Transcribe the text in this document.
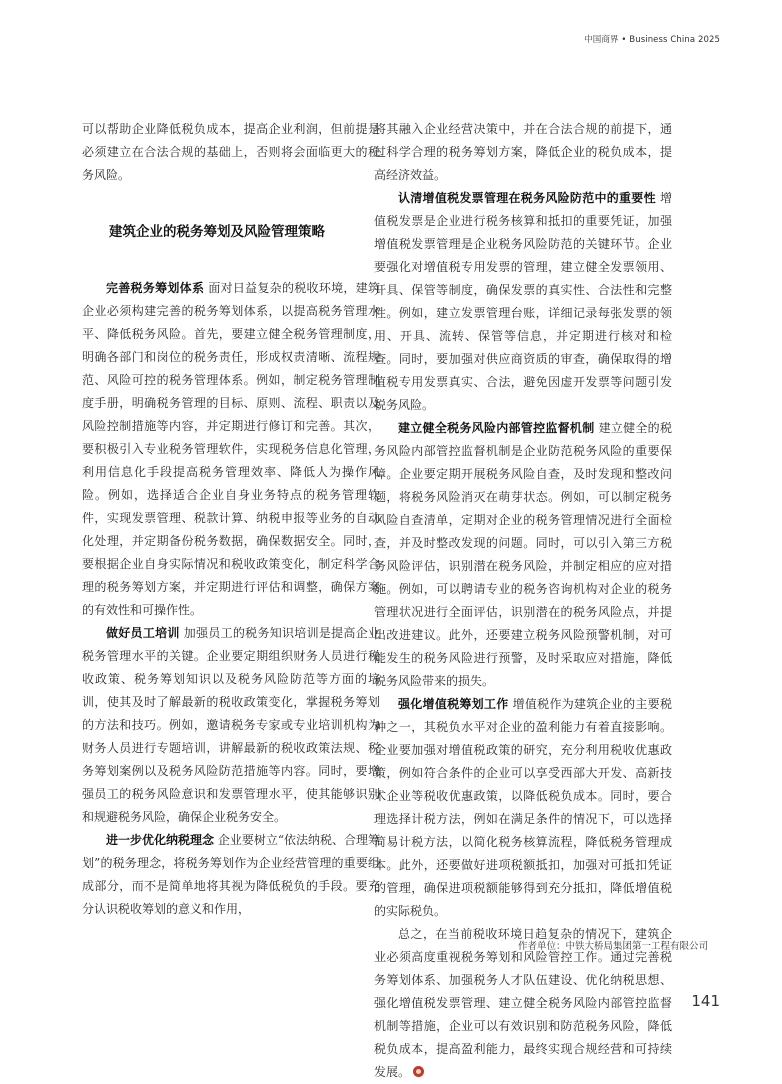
中国商界 • Business China 2025

可以帮助企业降低税负成本，提高企业利润，但前提是必须建立在合法合规的基础上，否则将会面临更大的税务风险。

建筑企业的税务筹划及风险管理策略

完善税务筹划体系 面对日益复杂的税收环境，建筑企业必须构建完善的税务筹划体系，以提高税务管理水平、降低税务风险。首先，要建立健全税务管理制度，明确各部门和岗位的税务责任，形成权责清晰、流程规范、风险可控的税务管理体系。例如，制定税务管理制度手册，明确税务管理的目标、原则、流程、职责以及风险控制措施等内容，并定期进行修订和完善。其次，要积极引入专业税务管理软件，实现税务信息化管理，利用信息化手段提高税务管理效率、降低人为操作风险。例如，选择适合企业自身业务特点的税务管理软件，实现发票管理、税款计算、纳税申报等业务的自动化处理，并定期备份税务数据，确保数据安全。同时，要根据企业自身实际情况和税收政策变化，制定科学合理的税务筹划方案，并定期进行评估和调整，确保方案的有效性和可操作性。

做好员工培训 加强员工的税务知识培训是提高企业税务管理水平的关键。企业要定期组织财务人员进行税收政策、税务筹划知识以及税务风险防范等方面的培训，使其及时了解最新的税收政策变化，掌握税务筹划的方法和技巧。例如，邀请税务专家或专业培训机构为财务人员进行专题培训，讲解最新的税收政策法规、税务筹划案例以及税务风险防范措施等内容。同时，要增强员工的税务风险意识和发票管理水平，使其能够识别和规避税务风险，确保企业税务安全。

进一步优化纳税理念 企业要树立“依法纳税、合理筹划”的税务理念，将税务筹划作为企业经营管理的重要组成部分，而不是简单地将其视为降低税负的手段。要充分认识税收筹划的意义和作用，

将其融入企业经营决策中，并在合法合规的前提下，通过科学合理的税务筹划方案，降低企业的税负成本，提高经济效益。

认清增值税发票管理在税务风险防范中的重要性 增值税发票是企业进行税务核算和抵扣的重要凭证，加强增值税发票管理是企业税务风险防范的关键环节。企业要强化对增值税专用发票的管理，建立健全发票领用、开具、保管等制度，确保发票的真实性、合法性和完整性。例如，建立发票管理台账，详细记录每张发票的领用、开具、流转、保管等信息，并定期进行核对和检查。同时，要加强对供应商资质的审查，确保取得的增值税专用发票真实、合法，避免因虚开发票等问题引发税务风险。

建立健全税务风险内部管控监督机制 建立健全的税务风险内部管控监督机制是企业防范税务风险的重要保障。企业要定期开展税务风险自查，及时发现和整改问题，将税务风险消灭在萌芽状态。例如，可以制定税务风险自查清单，定期对企业的税务管理情况进行全面检查，并及时整改发现的问题。同时，可以引入第三方税务风险评估，识别潜在税务风险，并制定相应的应对措施。例如，可以聘请专业的税务咨询机构对企业的税务管理状况进行全面评估，识别潜在的税务风险点，并提出改进建议。此外，还要建立税务风险预警机制，对可能发生的税务风险进行预警，及时采取应对措施，降低税务风险带来的损失。

强化增值税筹划工作 增值税作为建筑企业的主要税种之一，其税负水平对企业的盈利能力有着直接影响。企业要加强对增值税政策的研究，充分利用税收优惠政策，例如符合条件的企业可以享受西部大开发、高新技术企业等税收优惠政策，以降低税负成本。同时，要合理选择计税方法，例如在满足条件的情况下，可以选择简易计税方法，以简化税务核算流程，降低税务管理成本。此外，还要做好进项税额抵扣，加强对可抵扣凭证的管理，确保进项税额能够得到充分抵扣，降低增值税的实际税负。

总之，在当前税收环境日趋复杂的情况下，建筑企业必须高度重视税务筹划和风险管控工作。通过完善税务筹划体系、加强税务人才队伍建设、优化纳税思想、强化增值税发票管理、建立健全税务风险内部管控监督机制等措施，企业可以有效识别和防范税务风险，降低税负成本，提高盈利能力，最终实现合规经营和可持续发展。

作者单位：中铁大桥局集团第一工程有限公司
141
